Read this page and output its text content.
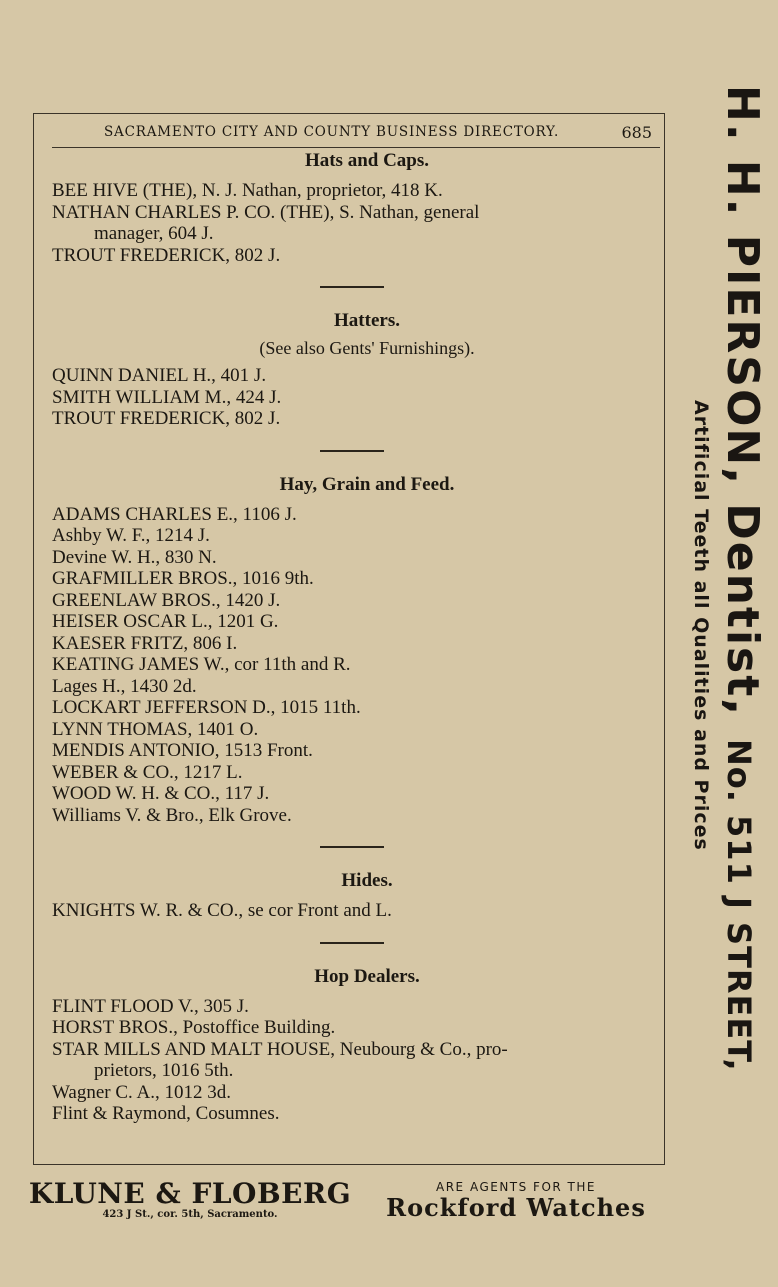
SACRAMENTO CITY AND COUNTY BUSINESS DIRECTORY.	685
Hats and Caps.
BEE HIVE (THE), N. J. Nathan, proprietor, 418 K.
NATHAN CHARLES P. CO. (THE), S. Nathan, general
manager, 604 J.
TROUT FREDERICK, 802 J.
Hatters.
(See also Gents' Furnishings).
QUINN DANIEL H., 401 J.
SMITH WILLIAM M., 424 J.
TROUT FREDERICK, 802 J.
Hay, Grain and Feed.
ADAMS CHARLES E., 1106 J.
Ashby W. F., 1214 J.
Devine W. H., 830 N.
GRAFMILLER BROS., 1016 9th.
GREENLAW BROS., 1420 J.
HEISER OSCAR L., 1201 G.
KAESER FRITZ, 806 I.
KEATING JAMES W., cor 11th and R.
Lages H., 1430 2d.
LOCKART JEFFERSON D., 1015 11th.
LYNN THOMAS, 1401 O.
MENDIS ANTONIO, 1513 Front.
WEBER & CO., 1217 L.
WOOD W. H. & CO., 117 J.
Williams V. & Bro., Elk Grove.
Hides.
KNIGHTS W. R. & CO., se cor Front and L.
Hop Dealers.
FLINT FLOOD V., 305 J.
HORST BROS., Postoffice Building.
STAR MILLS AND MALT HOUSE, Neubourg & Co., pro-
prietors, 1016 5th.
Wagner C. A., 1012 3d.
Flint & Raymond, Cosumnes.
H. H. PIERSON, Dentist,No. 511 J STREET,
Artificial Teeth all Qualities and Prices
KLUNE & FLOBERG
423 J St., cor. 5th, Sacramento.
ARE AGENTS FOR THE
Rockford Watches
